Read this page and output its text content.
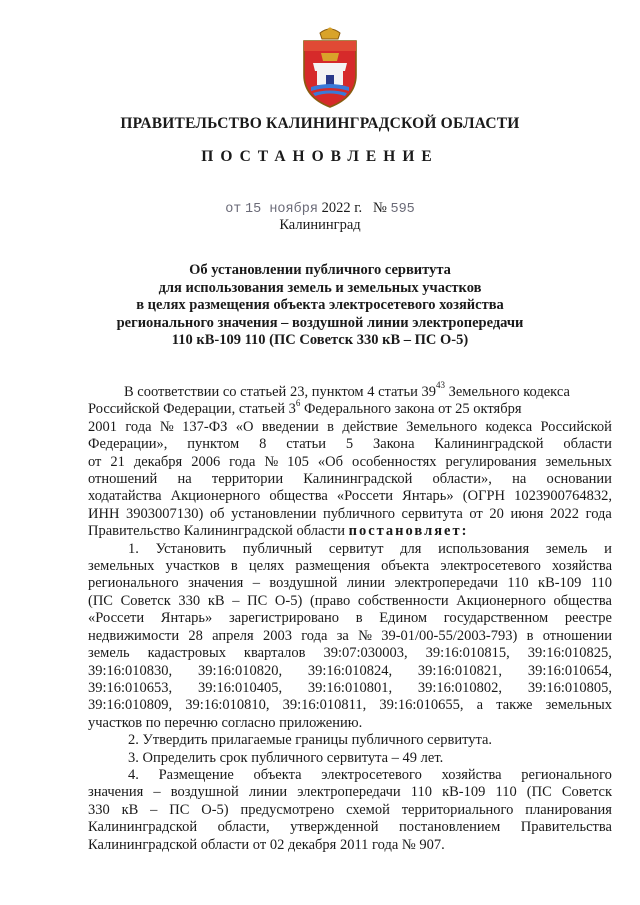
ПРАВИТЕЛЬСТВО КАЛИНИНГРАДСКОЙ ОБЛАСТИ
ПОСТАНОВЛЕНИЕ
от 15 ноября 2022 г. № 595
Калининград
Об установлении публичного сервитута
для использования земель и земельных участков
в целях размещения объекта электросетевого хозяйства
регионального значения – воздушной линии электропередачи
110 кВ-109 110 (ПС Советск 330 кВ – ПС О-5)
В соответствии со статьей 23, пунктом 4 статьи $39^{43}$ Земельного кодекса
Российской Федерации, статьей $3^6$ Федерального закона от 25 октября
2001 года № 137-ФЗ «О введении в действие Земельного кодекса Российской
Федерации», пунктом 8 статьи 5 Закона Калининградской области
от 21 декабря 2006 года № 105 «Об особенностях регулирования земельных
отношений на территории Калининградской области», на основании
ходатайства Акционерного общества «Россети Янтарь» (ОГРН 1023900764832,
ИНН 3903007130) об установлении публичного сервитута от 20 июня 2022 года
Правительство Калининградской области постановляет:
1. Установить публичный сервитут для использования земель и
земельных участков в целях размещения объекта электросетевого хозяйства
регионального значения – воздушной линии электропередачи 110 кВ-109 110
(ПС Советск 330 кВ – ПС О-5) (право собственности Акционерного общества
«Россети Янтарь» зарегистрировано в Едином государственном реестре
недвижимости 28 апреля 2003 года за № 39-01/00-55/2003-793) в отношении
земель кадастровых кварталов 39:07:030003, 39:16:010815, 39:16:010825,
39:16:010830, 39:16:010820, 39:16:010824, 39:16:010821, 39:16:010654,
39:16:010653, 39:16:010405, 39:16:010801, 39:16:010802, 39:16:010805,
39:16:010809, 39:16:010810, 39:16:010811, 39:16:010655, а также земельных
участков по перечню согласно приложению.
2. Утвердить прилагаемые границы публичного сервитута.
3. Определить срок публичного сервитута – 49 лет.
4. Размещение объекта электросетевого хозяйства регионального
значения – воздушной линии электропередачи 110 кВ-109 110 (ПС Советск
330 кВ – ПС О-5) предусмотрено схемой территориального планирования
Калининградской области, утвержденной постановлением Правительства
Калининградской области от 02 декабря 2011 года № 907.
